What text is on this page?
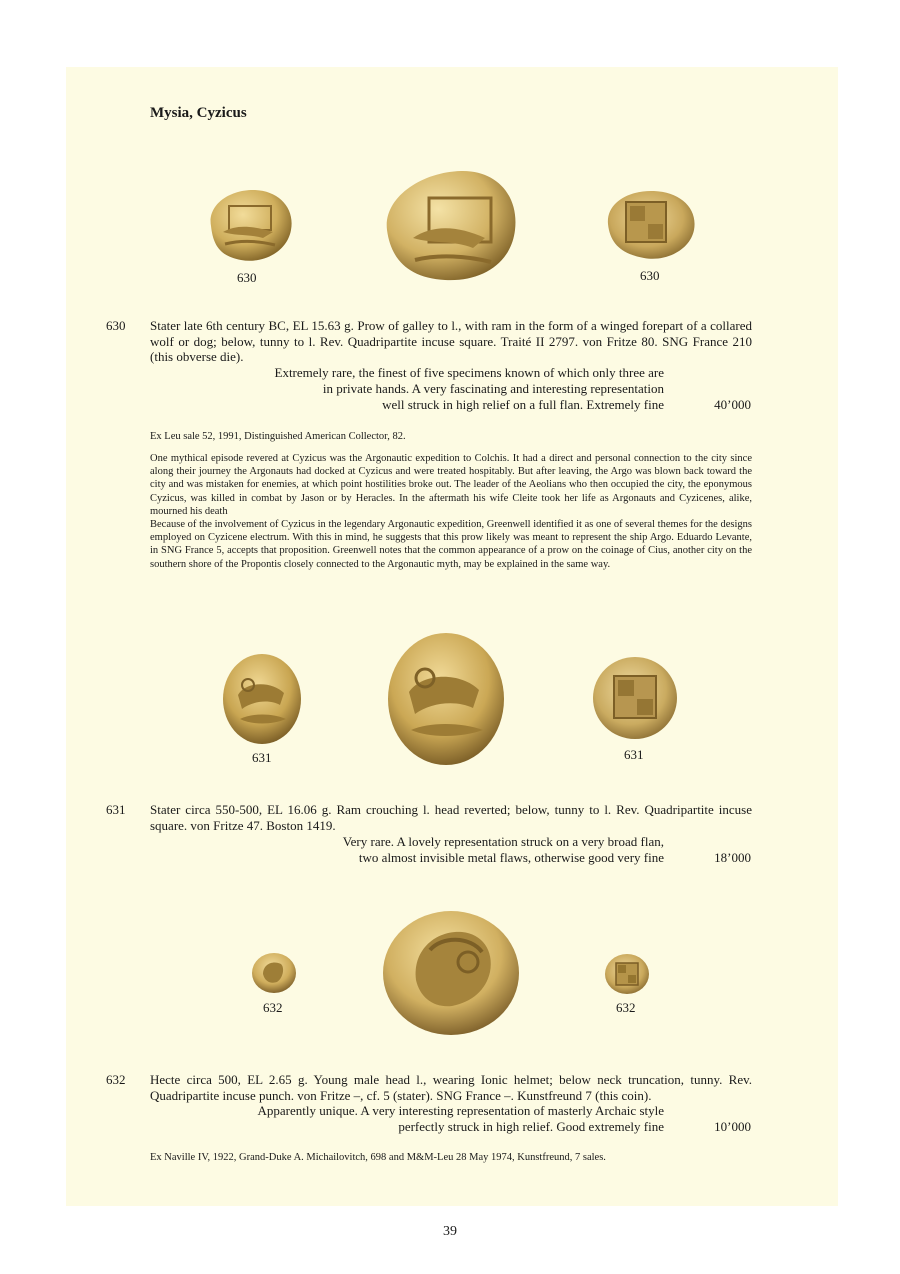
Mysia, Cyzicus
630	630
630 Stater late 6th century BC, EL 15.63 g. Prow of galley to l., with ram in the form of a winged forepart of a collared wolf or dog; below, tunny to l. Rev. Quadripartite incuse square. Traité II 2797. von Fritze 80. SNG France 210 (this obverse die).

Extremely rare, the finest of five specimens known of which only three are
in private hands. A very fascinating and interesting representation
well struck in high relief on a full flan. Extremely fine	40’000

Ex Leu sale 52, 1991, Distinguished American Collector, 82.

One mythical episode revered at Cyzicus was the Argonautic expedition to Colchis. It had a direct and personal connection to the city since along their journey the Argonauts had docked at Cyzicus and were treated hospitably. But after leaving, the Argo was blown back toward the city and was mistaken for enemies, at which point hostilities broke out. The leader of the Aeolians who then occupied the city, the eponymous Cyzicus, was killed in combat by Jason or by Heracles. In the aftermath his wife Cleite took her life as Argonauts and Cyzicenes, alike, mourned his death

Because of the involvement of Cyzicus in the legendary Argonautic expedition, Greenwell identified it as one of several themes for the designs employed on Cyzicene electrum. With this in mind, he suggests that this prow likely was meant to represent the ship Argo. Eduardo Levante, in SNG France 5, accepts that proposition. Greenwell notes that the common appearance of a prow on the coinage of Cius, another city on the southern shore of the Propontis closely connected to the Argonautic myth, may be explained in the same way.

631	631
631 Stater circa 550-500, EL 16.06 g. Ram crouching l. head reverted; below, tunny to l. Rev. Quadripartite incuse square. von Fritze 47. Boston 1419.

Very rare. A lovely representation struck on a very broad flan,
two almost invisible metal flaws, otherwise good very fine	18’000
632	632
632 Hecte circa 500, EL 2.65 g. Young male head l., wearing Ionic helmet; below neck truncation, tunny. Rev. Quadripartite incuse punch. von Fritze –, cf. 5 (stater). SNG France –. Kunstfreund 7 (this coin).

Apparently unique. A very interesting representation of masterly Archaic style
perfectly struck in high relief. Good extremely fine	10’000

Ex Naville IV, 1922, Grand-Duke A. Michailovitch, 698 and M&M-Leu 28 May 1974, Kunstfreund, 7 sales.

39
